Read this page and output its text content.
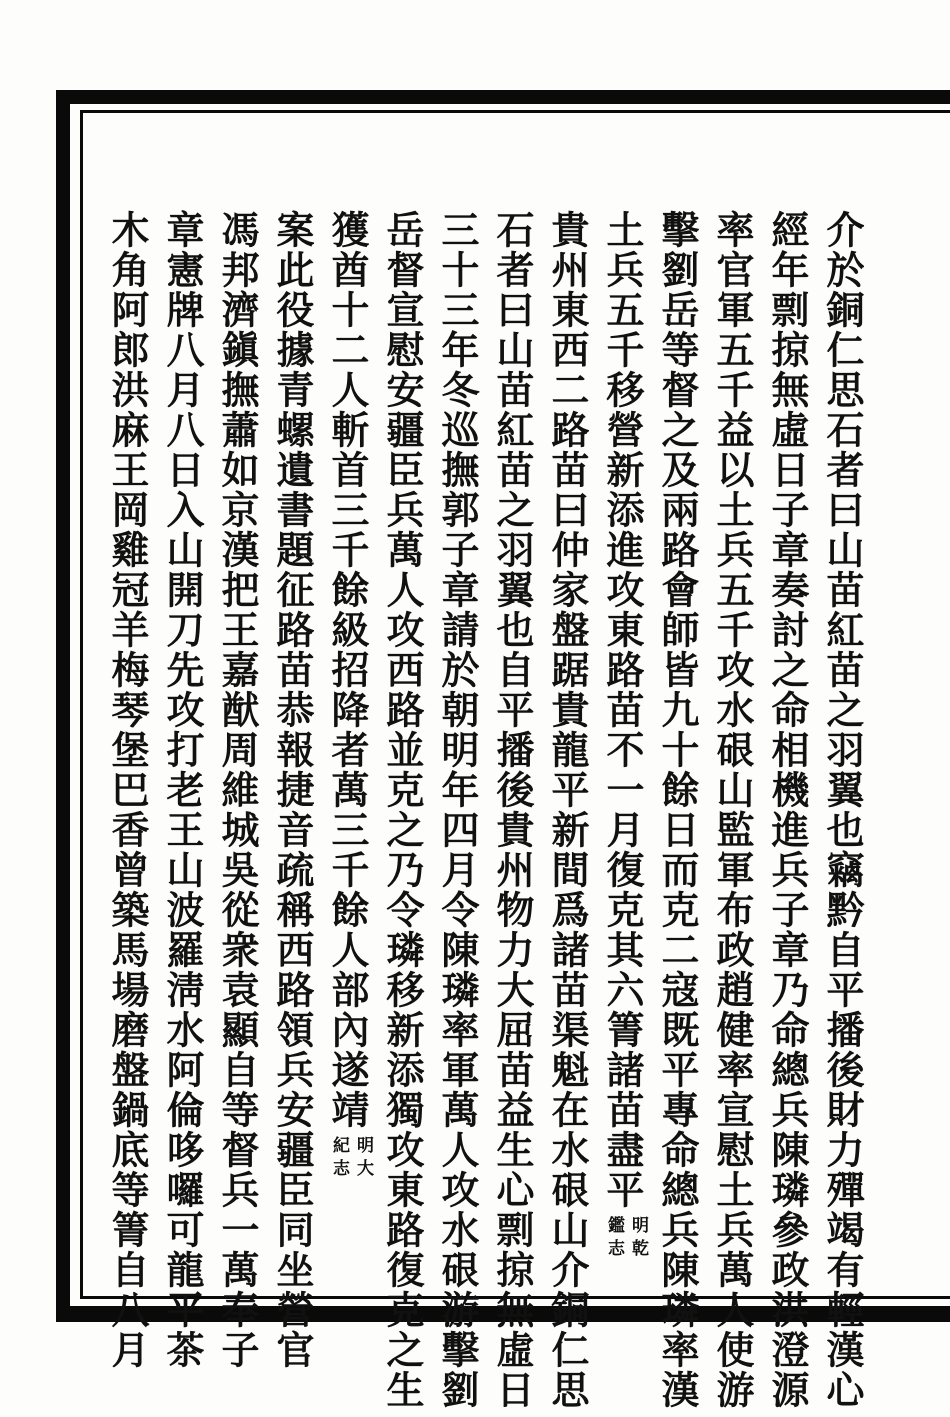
介於銅仁思石者曰山苗紅苗之羽翼也竊黔自平播後財力殫竭有輕漢心
經年剽掠無虛日子章奏討之命相機進兵子章乃命總兵陳璘參政洪澄源
率官軍五千益以土兵五千攻水硍山監軍布政趙健率宣慰土兵萬人使游
擊劉岳等督之及兩路會師皆九十餘日而克二寇既平專命總兵陳璘率漢
土兵五千移營新添進攻東路苗不一月復克其六箐諸苗盡平
明乾
鑑志
貴州東西二路苗曰仲家盤踞貴龍平新間爲諸苗渠魁在水硍山介銅仁思
石者曰山苗紅苗之羽翼也自平播後貴州物力大屈苗益生心剽掠無虛日
三十三年冬巡撫郭子章請於朝明年四月令陳璘率軍萬人攻水硍游擊劉
岳督宣慰安疆臣兵萬人攻西路並克之乃令璘移新添獨攻東路復克之生
獲酋十二人斬首三千餘級招降者萬三千餘人部內遂靖
明大
紀志
案此役據青螺遺書題征路苗恭報捷音疏稱西路領兵安疆臣同坐營官
馮邦濟鎭撫蕭如京漢把王嘉猷周維城吳從衆袁顯自等督兵一萬奉子
章憲牌八月八日入山開刀先攻打老王山波羅淸水阿倫哆囉可龍平茶
木角阿郎洪麻王岡雞冠羊梅琴堡巴香曾築馬場磨盤鍋底等箐自八月
